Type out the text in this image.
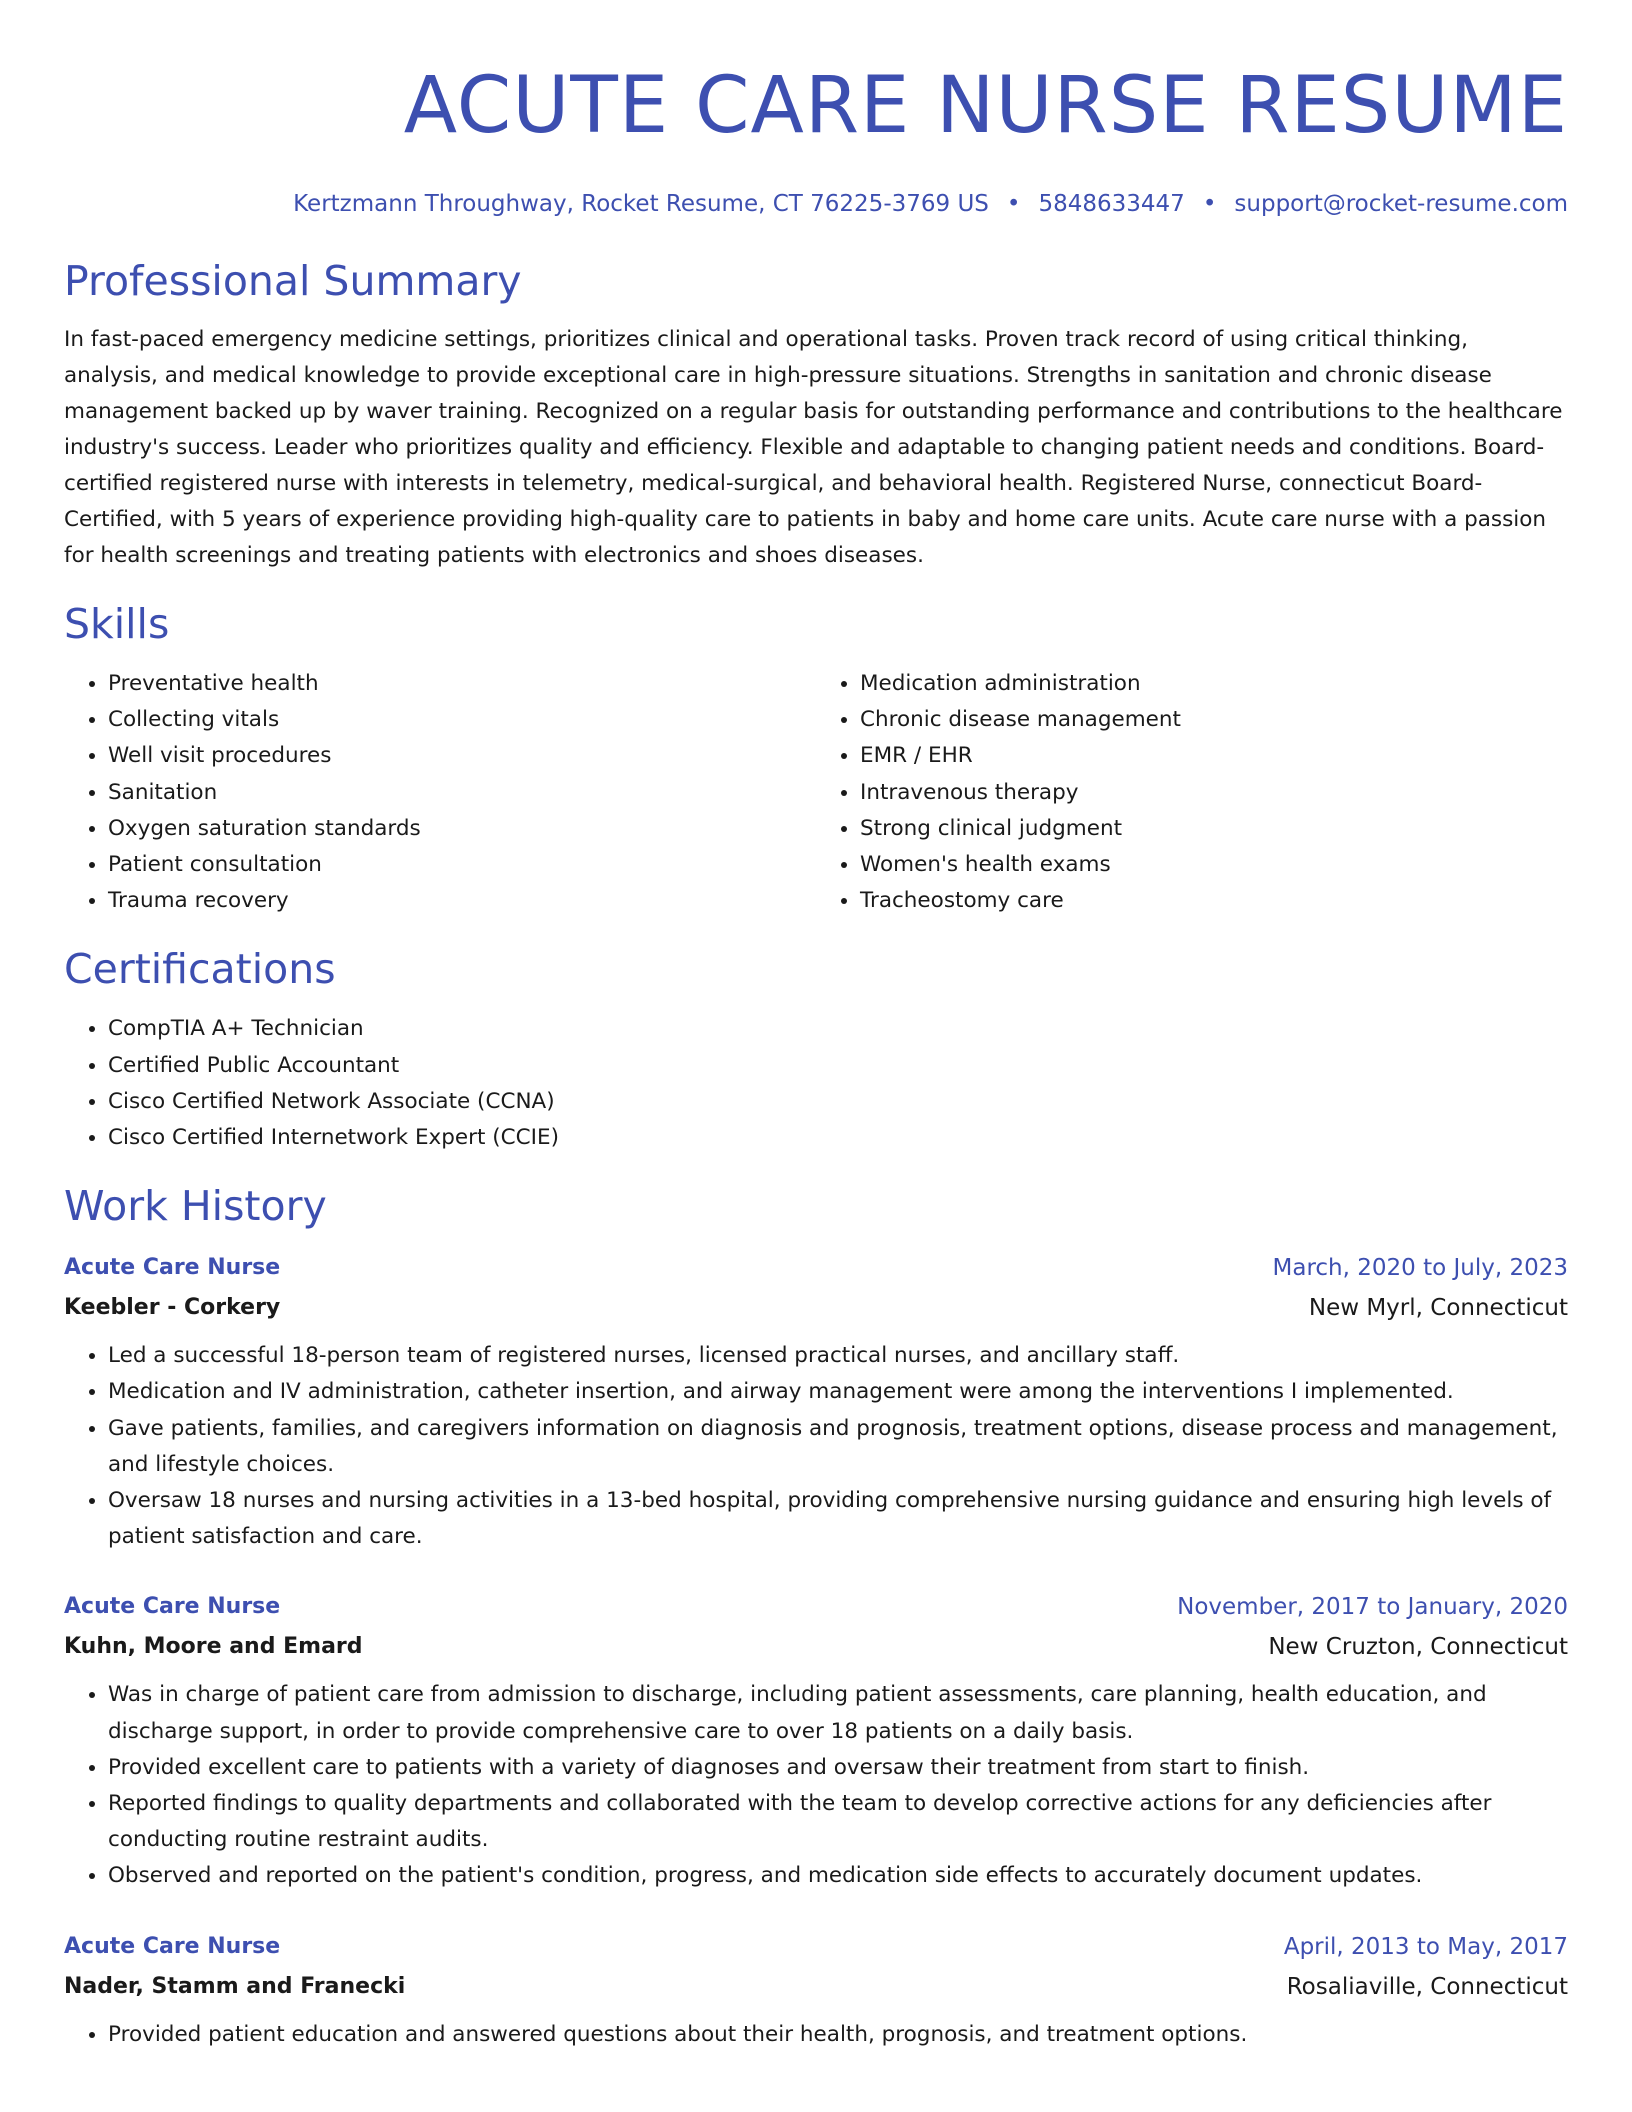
ACUTE CARE NURSE RESUME
Kertzmann Throughway, Rocket Resume, CT 76225-3769 US • 5848633447 • support@rocket-resume.com
Professional Summary

In fast-paced emergency medicine settings, prioritizes clinical and operational tasks. Proven track record of using critical thinking, analysis, and medical knowledge to provide exceptional care in high-pressure situations. Strengths in sanitation and chronic disease management backed up by waver training. Recognized on a regular basis for outstanding performance and contributions to the healthcare industry's success. Leader who prioritizes quality and efficiency. Flexible and adaptable to changing patient needs and conditions. Board-certified registered nurse with interests in telemetry, medical-surgical, and behavioral health. Registered Nurse, connecticut Board-Certified, with 5 years of experience providing high-quality care to patients in baby and home care units. Acute care nurse with a passion for health screenings and treating patients with electronics and shoes diseases.

Skills
• Preventative health
• Collecting vitals
• Well visit procedures
• Sanitation
• Oxygen saturation standards
• Patient consultation
• Trauma recovery
• Medication administration
• Chronic disease management
• EMR / EHR
• Intravenous therapy
• Strong clinical judgment
• Women's health exams
• Tracheostomy care
Certifications
• CompTIA A+ Technician
• Certified Public Accountant
• Cisco Certified Network Associate (CCNA)
• Cisco Certified Internetwork Expert (CCIE)
Work History
Acute Care Nurse	March, 2020 to July, 2023
Keebler - Corkery	New Myrl, Connecticut
• Led a successful 18-person team of registered nurses, licensed practical nurses, and ancillary staff.
• Medication and IV administration, catheter insertion, and airway management were among the interventions I implemented.
• Gave patients, families, and caregivers information on diagnosis and prognosis, treatment options, disease process and management, and lifestyle choices.
• Oversaw 18 nurses and nursing activities in a 13-bed hospital, providing comprehensive nursing guidance and ensuring high levels of patient satisfaction and care.
Acute Care Nurse	November, 2017 to January, 2020
Kuhn, Moore and Emard	New Cruzton, Connecticut
• Was in charge of patient care from admission to discharge, including patient assessments, care planning, health education, and discharge support, in order to provide comprehensive care to over 18 patients on a daily basis.
• Provided excellent care to patients with a variety of diagnoses and oversaw their treatment from start to finish.
• Reported findings to quality departments and collaborated with the team to develop corrective actions for any deficiencies after conducting routine restraint audits.
• Observed and reported on the patient's condition, progress, and medication side effects to accurately document updates.
Acute Care Nurse	April, 2013 to May, 2017
Nader, Stamm and Franecki	Rosaliaville, Connecticut
• Provided patient education and answered questions about their health, prognosis, and treatment options.
